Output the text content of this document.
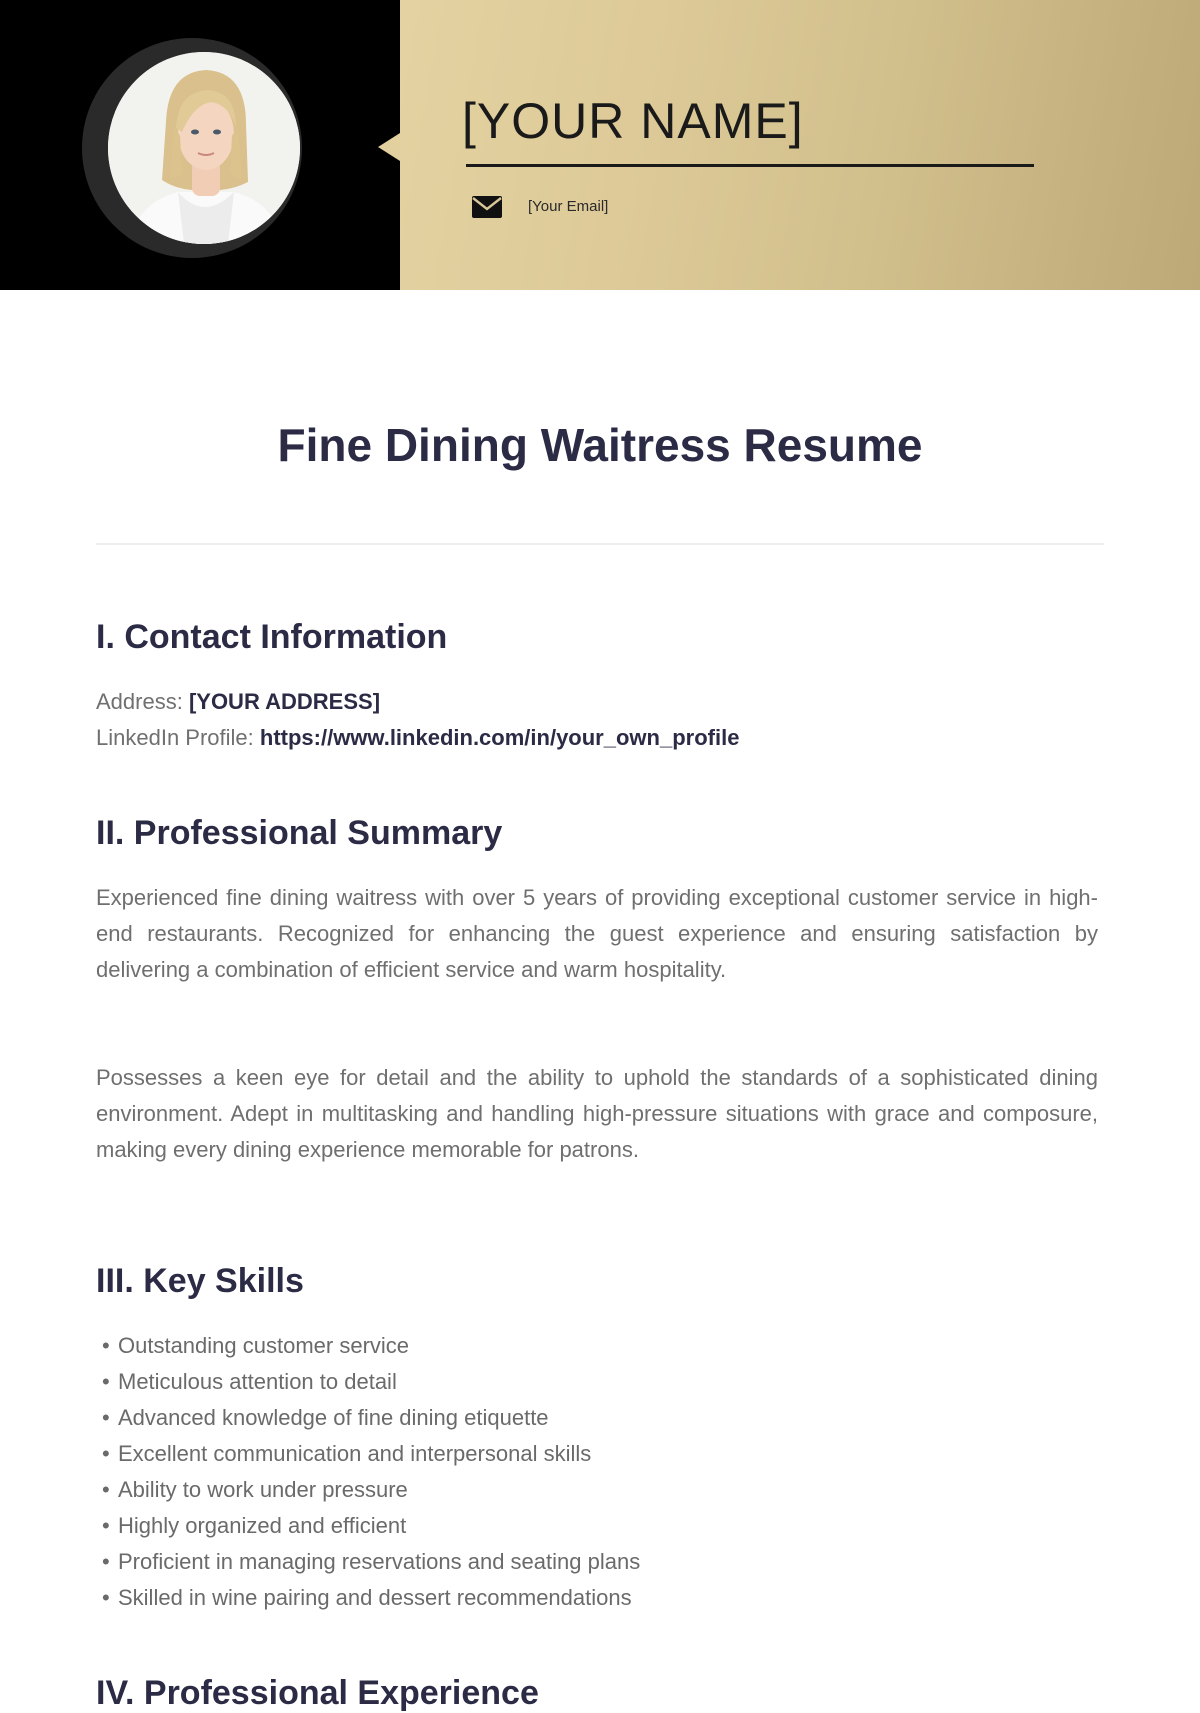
[YOUR NAME]
[Your Email]
Fine Dining Waitress Resume
I. Contact Information
Address: [YOUR ADDRESS]
LinkedIn Profile: https://www.linkedin.com/in/your_own_profile
II. Professional Summary

Experienced fine dining waitress with over 5 years of providing exceptional customer service in high-end restaurants. Recognized for enhancing the guest experience and ensuring satisfaction by delivering a combination of efficient service and warm hospitality.

Possesses a keen eye for detail and the ability to uphold the standards of a sophisticated dining environment. Adept in multitasking and handling high-pressure situations with grace and composure, making every dining experience memorable for patrons.

III. Key Skills
• Outstanding customer service
• Meticulous attention to detail
• Advanced knowledge of fine dining etiquette
• Excellent communication and interpersonal skills
• Ability to work under pressure
• Highly organized and efficient
• Proficient in managing reservations and seating plans
• Skilled in wine pairing and dessert recommendations
IV. Professional Experience
